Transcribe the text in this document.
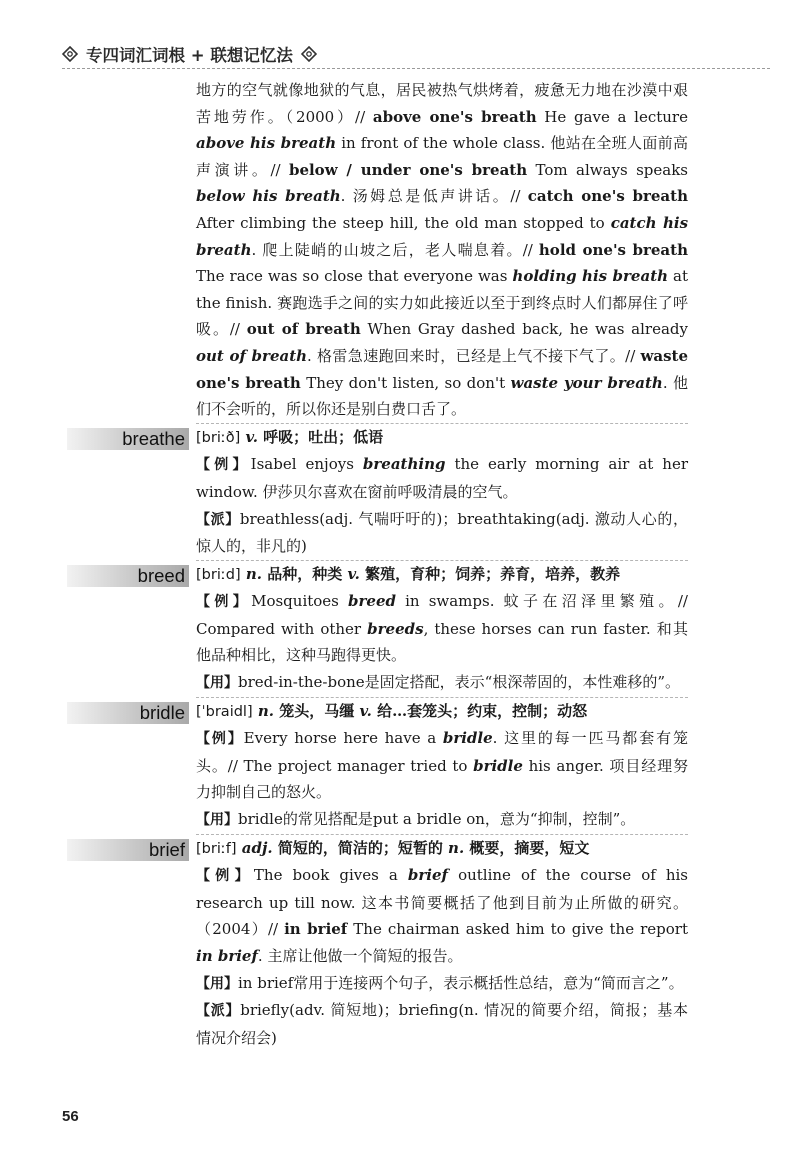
专四词汇词根 + 联想记忆法

地方的空气就像地狱的气息，居民被热气烘烤着，疲惫无力地在沙漠中艰苦地劳作。（2000）// above one's breath He gave a lecture above his breath in front of the whole class. 他站在全班人面前高声演讲。// below / under one's breath Tom always speaks below his breath. 汤姆总是低声讲话。// catch one's breath After climbing the steep hill, the old man stopped to catch his breath. 爬上陡峭的山坡之后，老人喘息着。// hold one's breath The race was so close that everyone was holding his breath at the finish. 赛跑选手之间的实力如此接近以至于到终点时人们都屏住了呼吸。// out of breath When Gray dashed back, he was already out of breath. 格雷急速跑回来时，已经是上气不接下气了。// waste one's breath They don't listen, so don't waste your breath. 他们不会听的，所以你还是别白费口舌了。

breathe [briːð] v. 呼吸；吐出；低语

【例】Isabel enjoys breathing the early morning air at her window. 伊莎贝尔喜欢在窗前呼吸清晨的空气。

【派】breathless(adj. 气喘吁吁的)；breathtaking(adj. 激动人心的，惊人的，非凡的)

breed [briːd] n. 品种，种类 v. 繁殖，育种；饲养；养育，培养，教养

【例】Mosquitoes breed in swamps. 蚊子在沼泽里繁殖。// Compared with other breeds, these horses can run faster. 和其他品种相比，这种马跑得更快。

【用】bred-in-the-bone是固定搭配，表示“根深蒂固的，本性难移的”。

bridle [ˈbraidl] n. 笼头，马缰 v. 给…套笼头；约束，控制；动怒

【例】Every horse here have a bridle. 这里的每一匹马都套有笼头。// The project manager tried to bridle his anger. 项目经理努力抑制自己的怒火。

【用】bridle的常见搭配是put a bridle on，意为“抑制，控制”。

brief [briːf] adj. 简短的，简洁的；短暂的 n. 概要，摘要，短文

【例】The book gives a brief outline of the course of his research up till now. 这本书简要概括了他到目前为止所做的研究。（2004）// in brief The chairman asked him to give the report in brief. 主席让他做一个简短的报告。

【用】in brief常用于连接两个句子，表示概括性总结，意为“简而言之”。

【派】briefly(adv. 简短地)；briefing(n. 情况的简要介绍，简报；基本情况介绍会)

56
